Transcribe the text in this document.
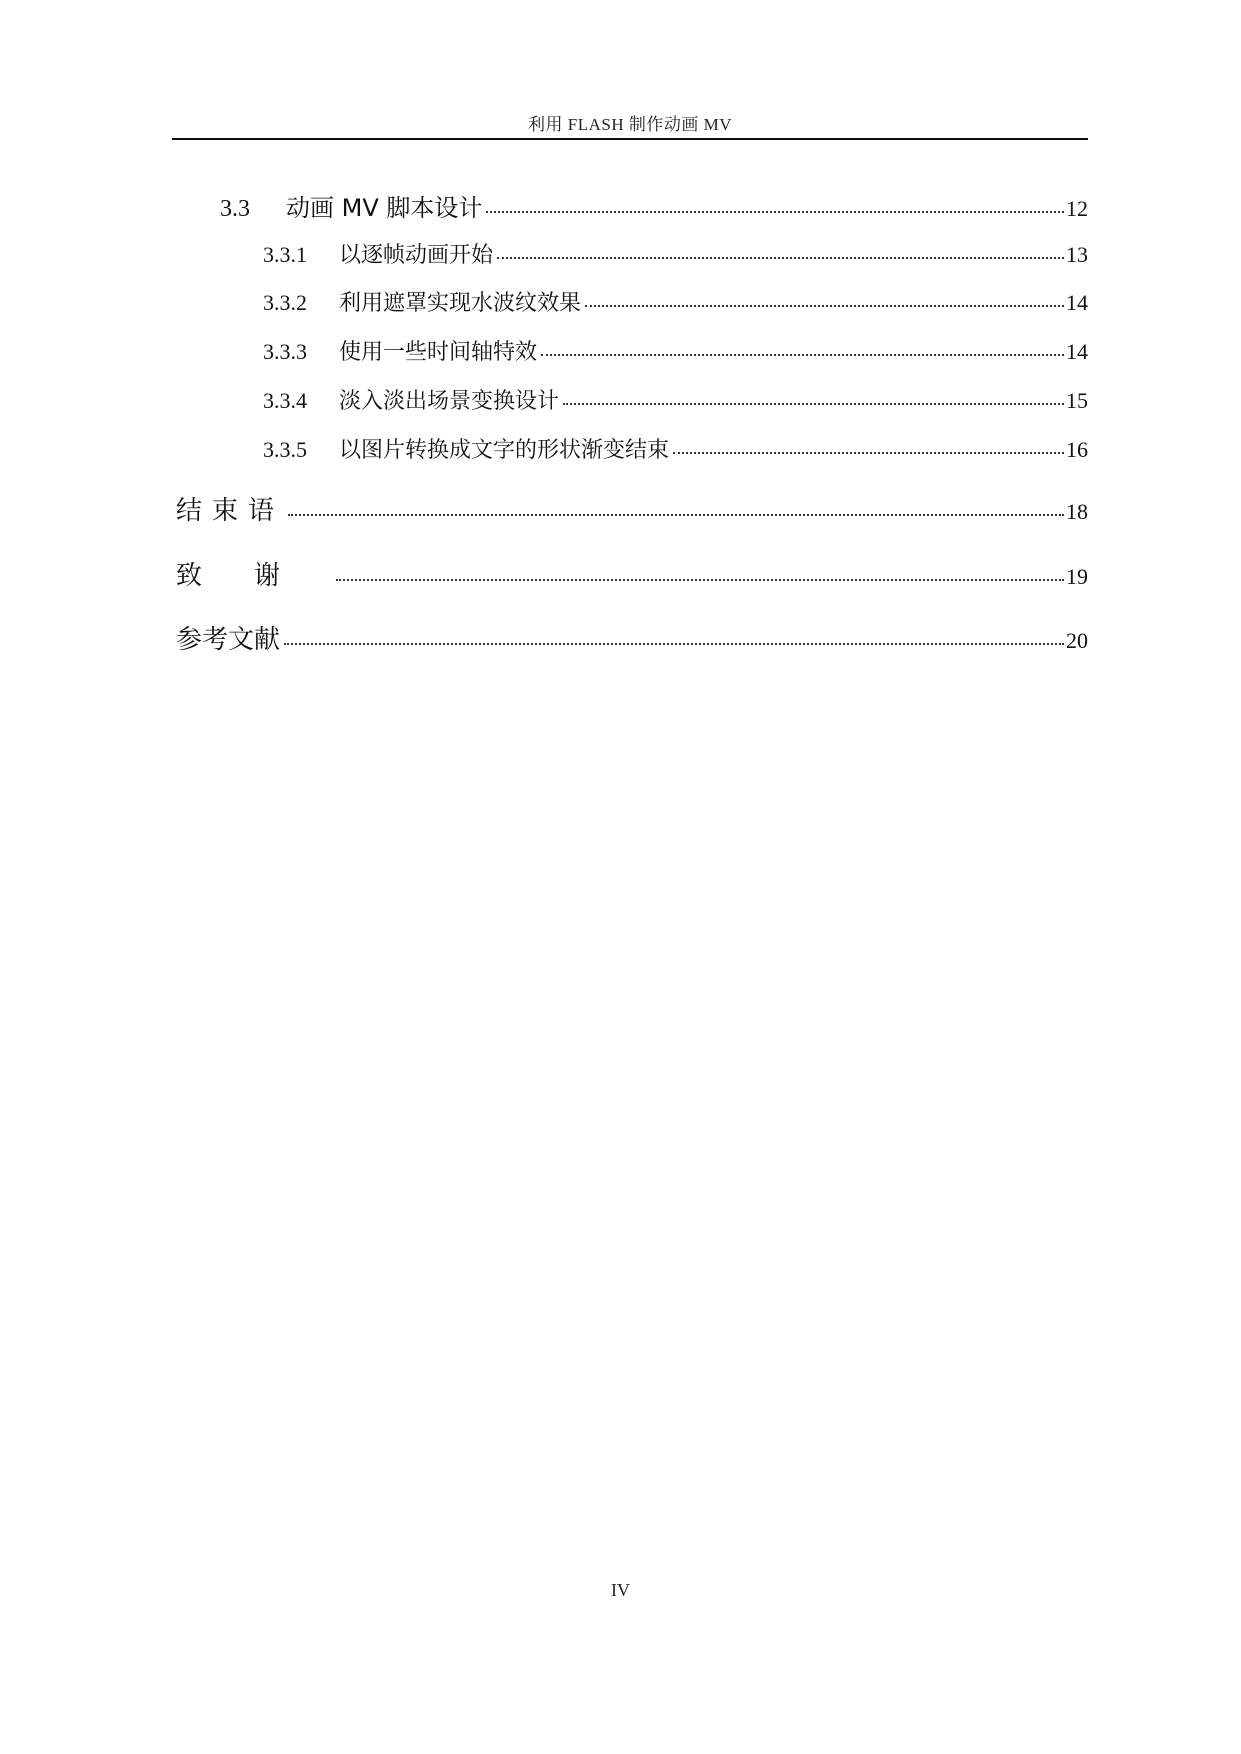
利用 FLASH 制作动画 MV
3.3	动画 MV 脚本设计	12
3.3.1	以逐帧动画开始	13
3.3.2	利用遮罩实现水波纹效果	14
3.3.3	使用一些时间轴特效	14
3.3.4	淡入淡出场景变换设计	15
3.3.5	以图片转换成文字的形状渐变结束	16
结束语	18
致谢	19
参考文献	20
IV
